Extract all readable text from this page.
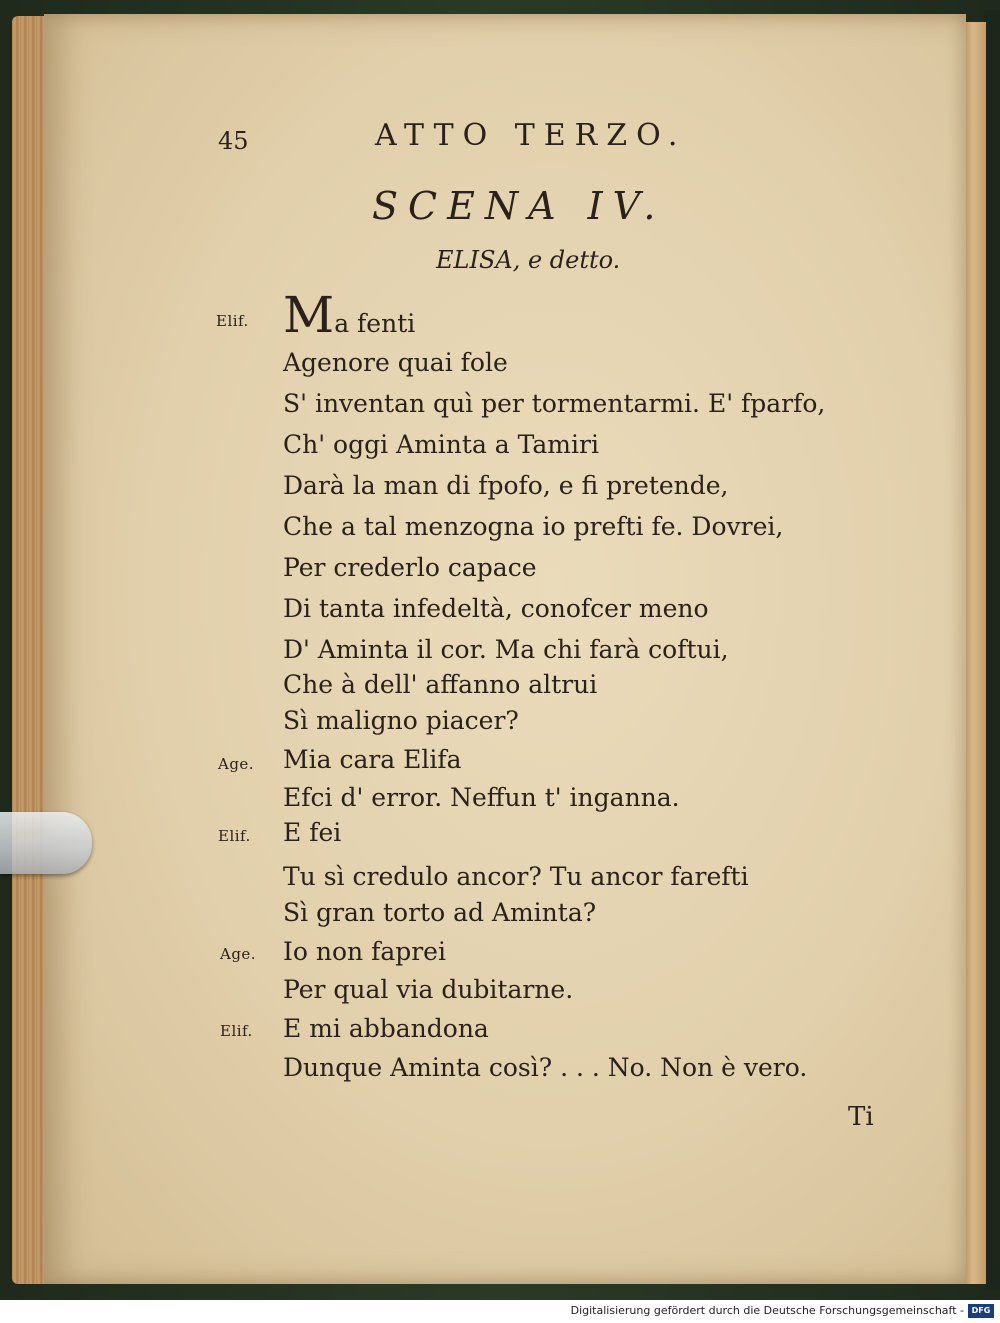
45	ATTO TERZO.
SCENA IV.
ELISA, e detto.
Elif.
Age.
Elif.
Age.
Elif.
Ma fenti
Agenore quai fole
S' inventan quì per tormentarmi. E' fparfo,
Ch' oggi Aminta a Tamiri
Darà la man di fpofo, e fi pretende,
Che a tal menzogna io prefti fe. Dovrei,
Per crederlo capace
Di tanta infedeltà, conofcer meno
D' Aminta il cor. Ma chi farà coftui,
Che à dell' affanno altrui
Sì maligno piacer?
Mia cara Elifa
Efci d' error. Neffun t' inganna.
E fei
Tu sì credulo ancor? Tu ancor farefti
Sì gran torto ad Aminta?
Io non faprei
Per qual via dubitarne.
E mi abbandona
Dunque Aminta così? . . . No. Non è vero.
Ti
Digitalisierung gefördert durch die Deutsche Forschungsgemeinschaft - DFG
